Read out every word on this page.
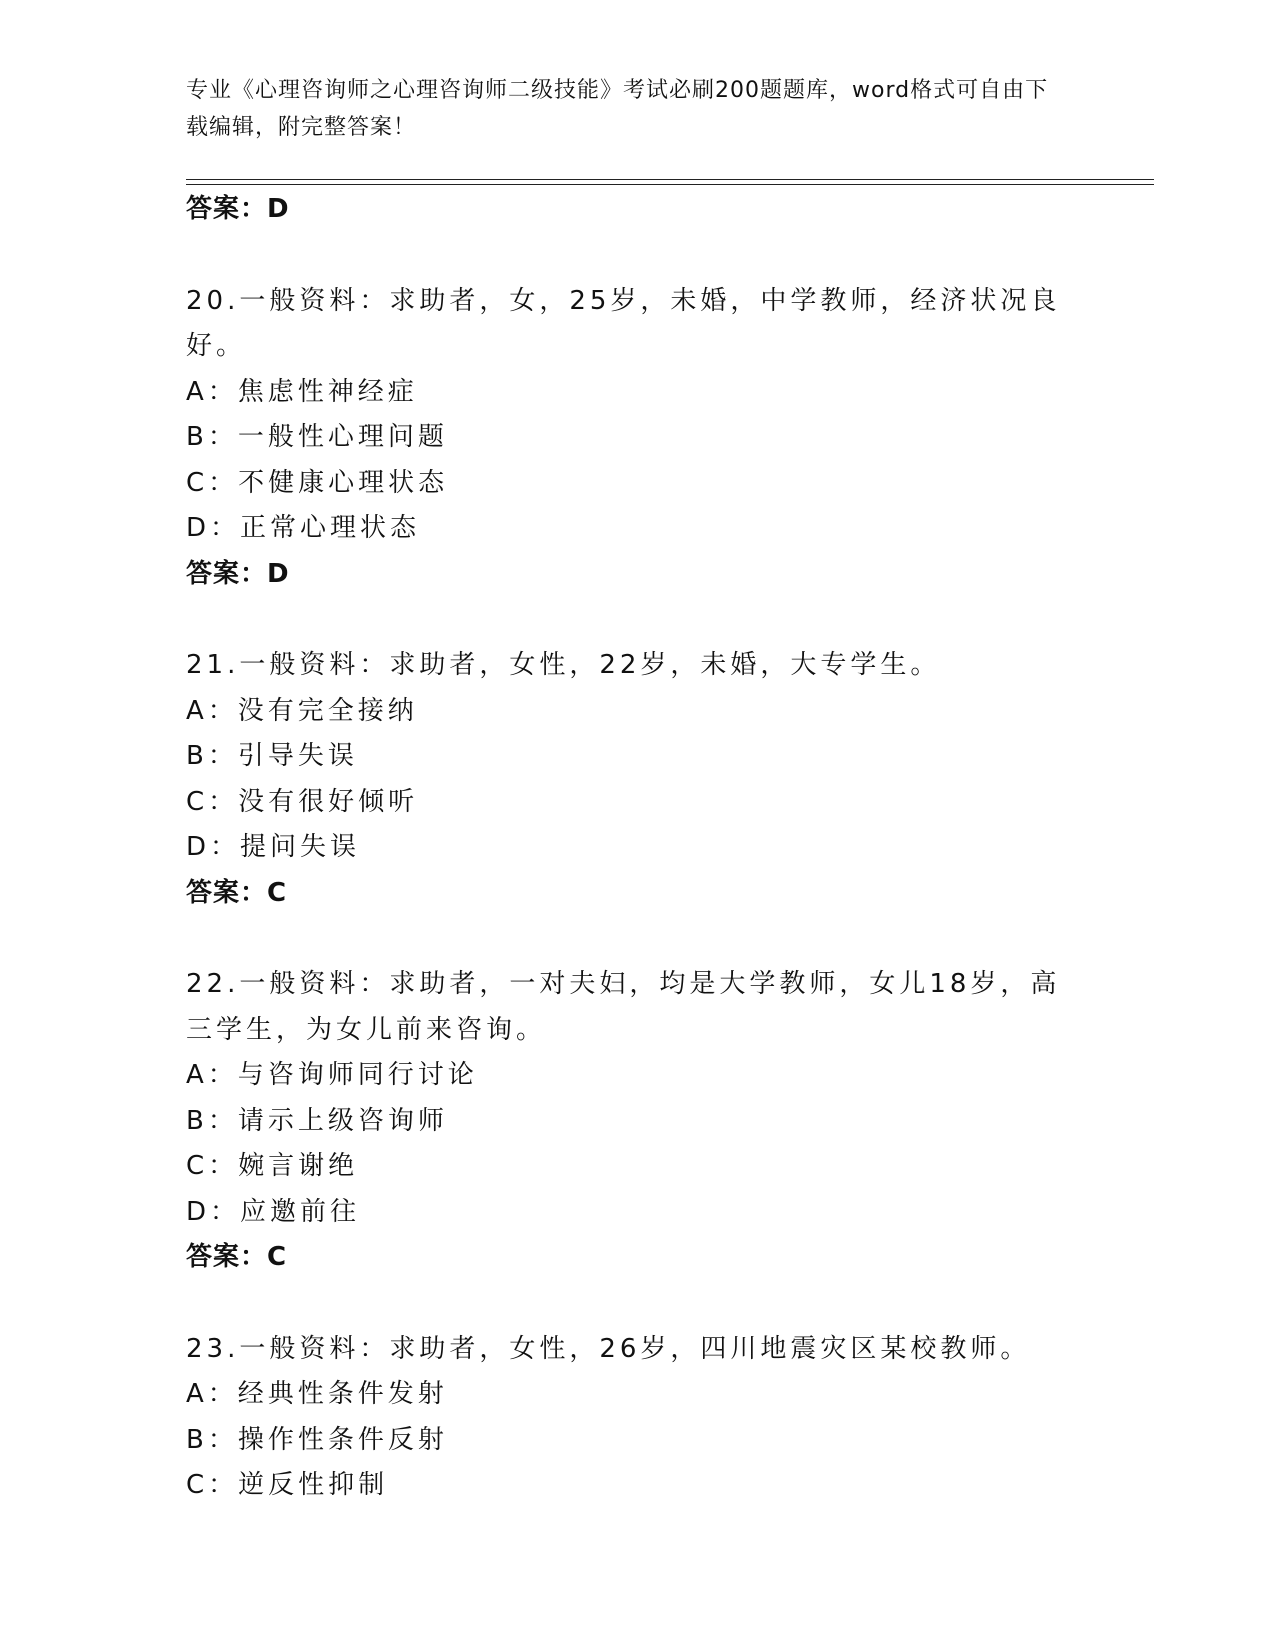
专业《心理咨询师之心理咨询师二级技能》考试必刷200题题库，word格式可自由下载编辑，附完整答案！
答案：D
20.一般资料：求助者，女，25岁，未婚，中学教师，经济状况良好。
A：焦虑性神经症
B：一般性心理问题
C：不健康心理状态
D：正常心理状态
答案：D
21.一般资料：求助者，女性，22岁，未婚，大专学生。
A：没有完全接纳
B：引导失误
C：没有很好倾听
D：提问失误
答案：C
22.一般资料：求助者，一对夫妇，均是大学教师，女儿18岁，高三学生，为女儿前来咨询。
A：与咨询师同行讨论
B：请示上级咨询师
C：婉言谢绝
D：应邀前往
答案：C
23.一般资料：求助者，女性，26岁，四川地震灾区某校教师。
A：经典性条件发射
B：操作性条件反射
C：逆反性抑制
